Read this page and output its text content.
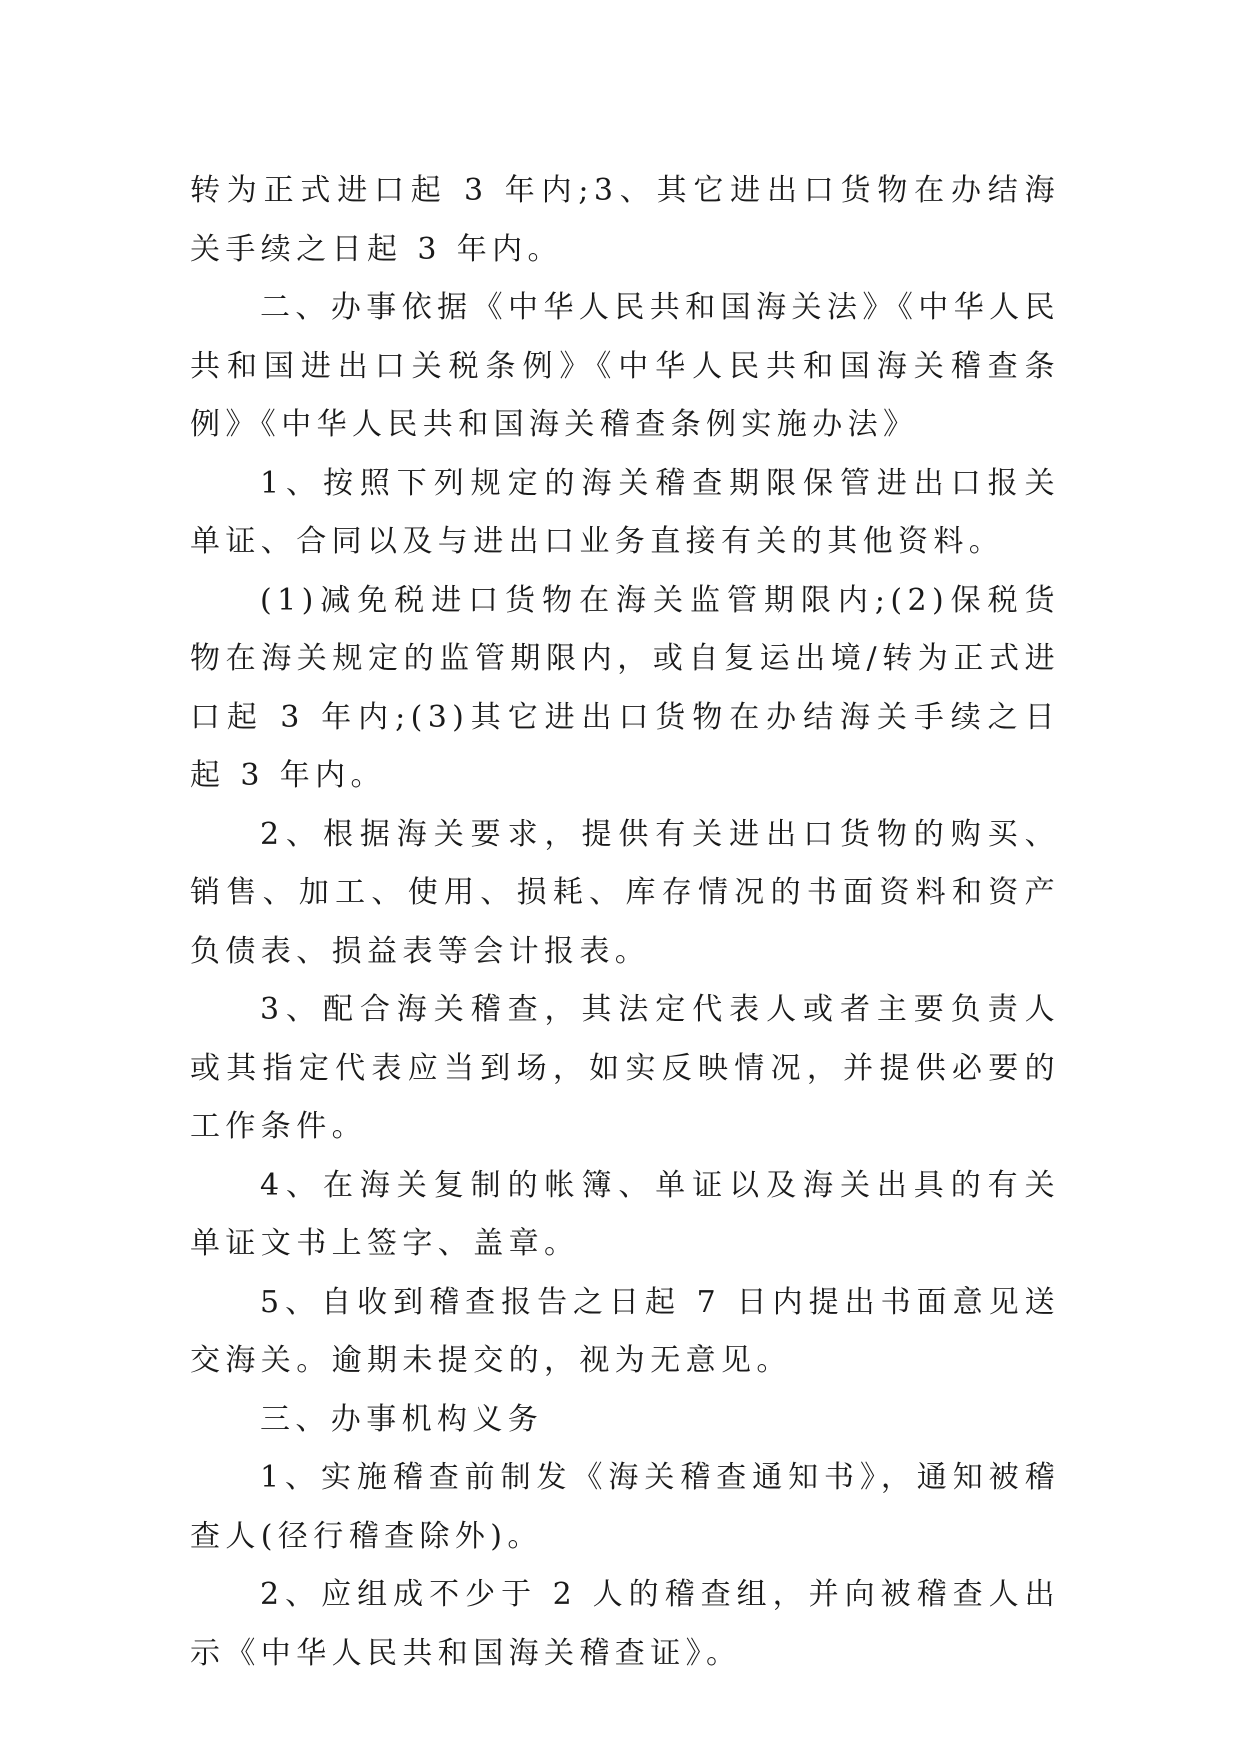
转为正式进口起 3 年内;3、其它进出口货物在办结海关手续之日起 3 年内。

二、办事依据《中华人民共和国海关法》《中华人民共和国进出口关税条例》《中华人民共和国海关稽查条例》《中华人民共和国海关稽查条例实施办法》

1、按照下列规定的海关稽查期限保管进出口报关单证、合同以及与进出口业务直接有关的其他资料。

(1)减免税进口货物在海关监管期限内;(2)保税货物在海关规定的监管期限内，或自复运出境/转为正式进口起 3 年内;(3)其它进出口货物在办结海关手续之日起 3 年内。

2、根据海关要求，提供有关进出口货物的购买、销售、加工、使用、损耗、库存情况的书面资料和资产负债表、损益表等会计报表。

3、配合海关稽查，其法定代表人或者主要负责人或其指定代表应当到场，如实反映情况，并提供必要的工作条件。

4、在海关复制的帐簿、单证以及海关出具的有关单证文书上签字、盖章。

5、自收到稽查报告之日起 7 日内提出书面意见送交海关。逾期未提交的，视为无意见。

三、办事机构义务

1、实施稽查前制发《海关稽查通知书》，通知被稽查人(径行稽查除外)。

2、应组成不少于 2 人的稽查组，并向被稽查人出示《中华人民共和国海关稽查证》。
